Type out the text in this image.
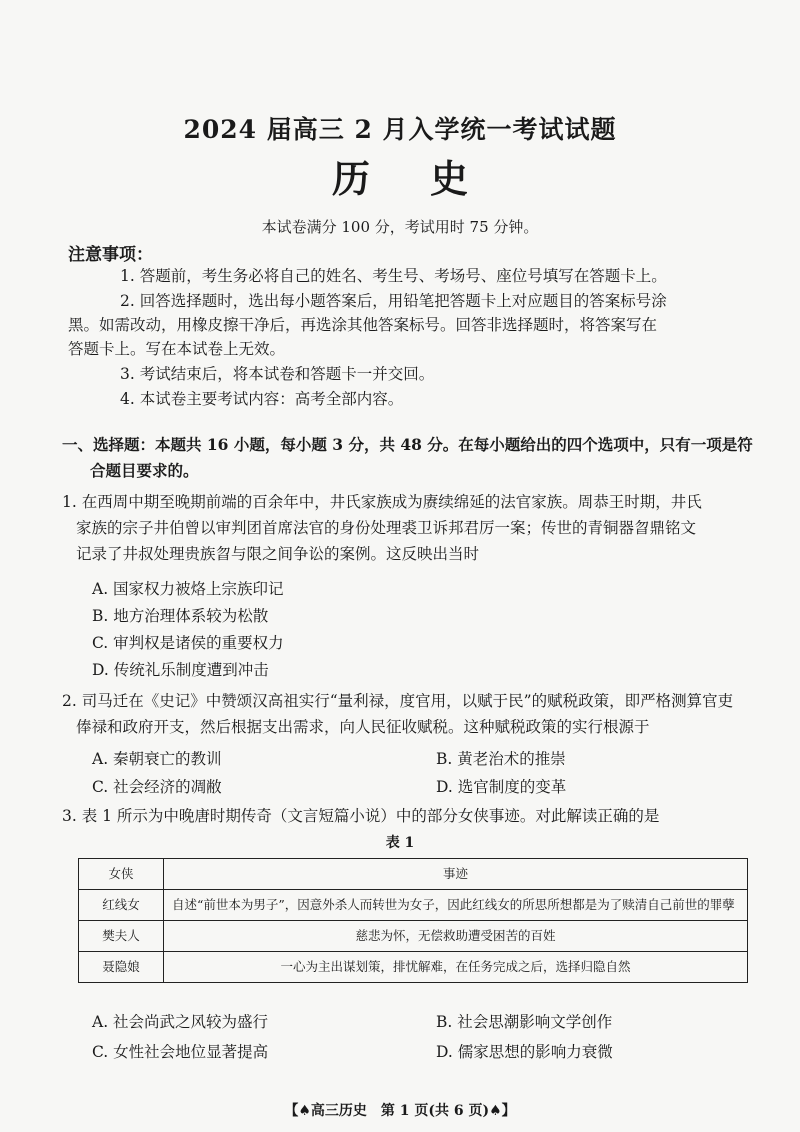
2024 届高三 2 月入学统一考试试题
历史
本试卷满分 100 分，考试用时 75 分钟。
注意事项：
1. 答题前，考生务必将自己的姓名、考生号、考场号、座位号填写在答题卡上。
2. 回答选择题时，选出每小题答案后，用铅笔把答题卡上对应题目的答案标号涂
黑。如需改动，用橡皮擦干净后，再选涂其他答案标号。回答非选择题时，将答案写在
答题卡上。写在本试卷上无效。
3. 考试结束后，将本试卷和答题卡一并交回。
4. 本试卷主要考试内容：高考全部内容。
一、选择题：本题共 16 小题，每小题 3 分，共 48 分。在每小题给出的四个选项中，只有一项是符
合题目要求的。
1. 在西周中期至晚期前端的百余年中，井氏家族成为赓续绵延的法官家族。周恭王时期，井氏
家族的宗子井伯曾以审判团首席法官的身份处理裘卫诉邦君厉一案；传世的青铜器曶鼎铭文
记录了井叔处理贵族曶与限之间争讼的案例。这反映出当时
A. 国家权力被烙上宗族印记
B. 地方治理体系较为松散
C. 审判权是诸侯的重要权力
D. 传统礼乐制度遭到冲击
2. 司马迁在《史记》中赞颂汉高祖实行“量利禄，度官用，以赋于民”的赋税政策，即严格测算官吏
俸禄和政府开支，然后根据支出需求，向人民征收赋税。这种赋税政策的实行根源于
A. 秦朝衰亡的教训	B. 黄老治术的推崇
C. 社会经济的凋敝	D. 选官制度的变革
3. 表 1 所示为中晚唐时期传奇（文言短篇小说）中的部分女侠事迹。对此解读正确的是
表 1
女侠	事迹
红线女	自述“前世本为男子”，因意外杀人而转世为女子，因此红线女的所思所想都是为了赎清自己前世的罪孽
樊夫人	慈悲为怀，无偿救助遭受困苦的百姓
聂隐娘	一心为主出谋划策，排忧解难，在任务完成之后，选择归隐自然
A. 社会尚武之风较为盛行	B. 社会思潮影响文学创作
C. 女性社会地位显著提高	D. 儒家思想的影响力衰微
【♠高三历史　第 1 页(共 6 页)♠】
